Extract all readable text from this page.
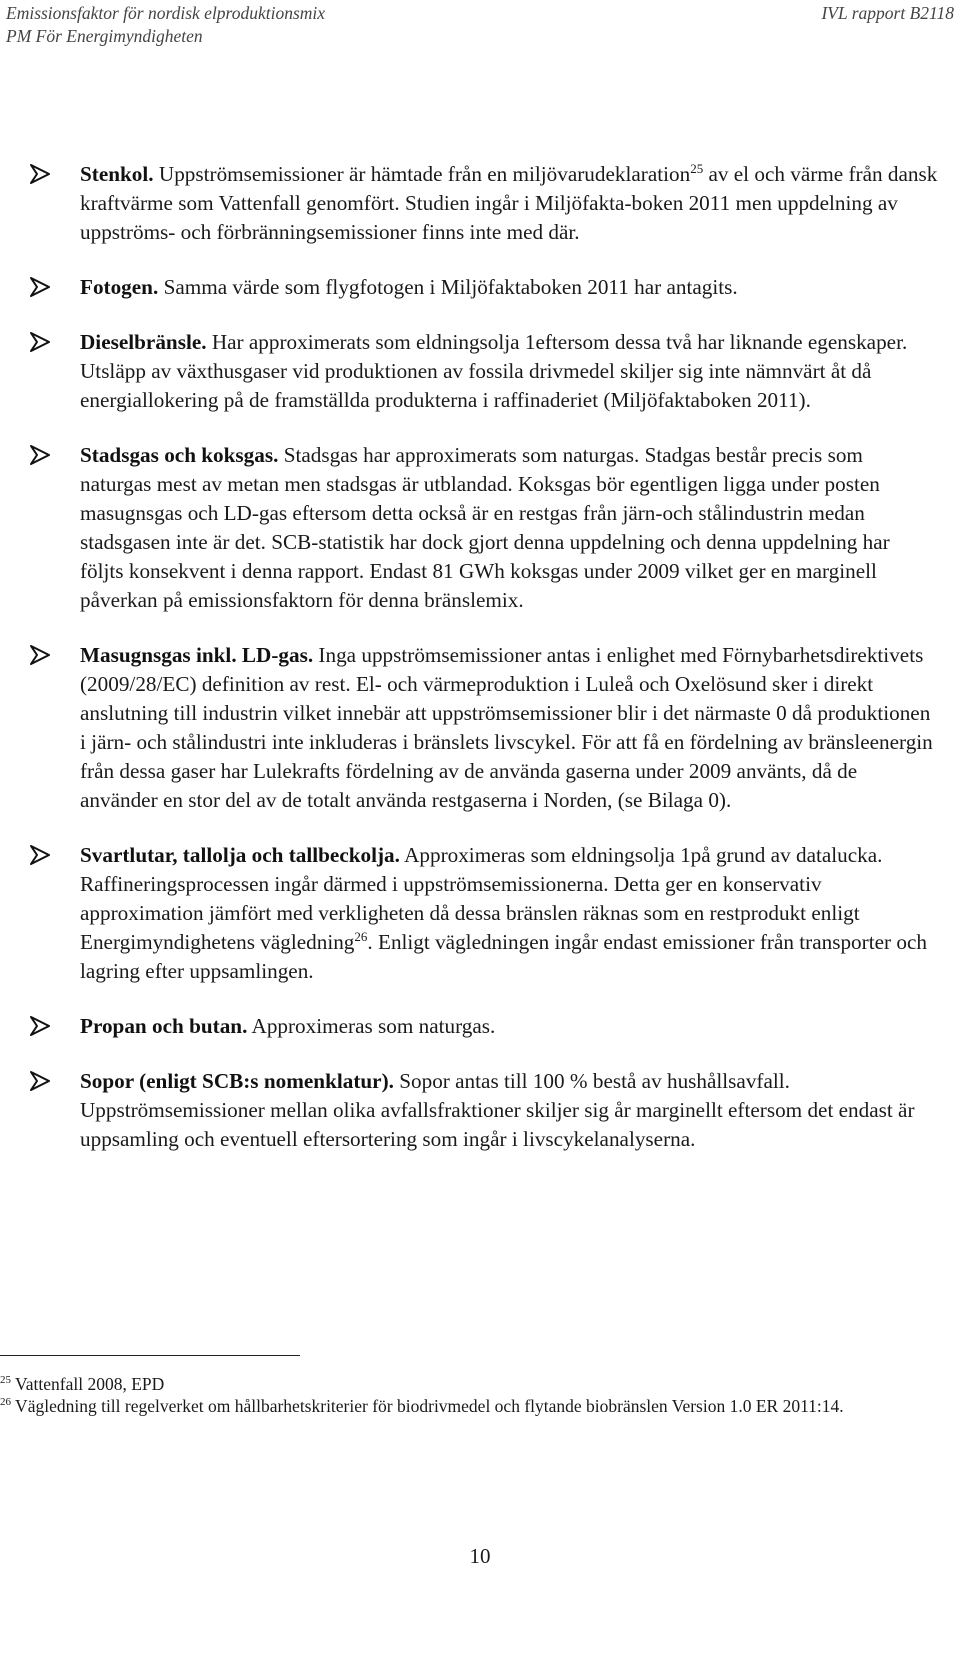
Emissionsfaktor för nordisk elproduktionsmix
PM För Energimyndigheten
IVL rapport B2118

Stenkol. Uppströmsemissioner är hämtade från en miljövarudeklaration$^{25}$ av el och värme från dansk kraftvärme som Vattenfall genomfört. Studien ingår i Miljöfakta-boken 2011 men uppdelning av uppströms- och förbränningsemissioner finns inte med där.

Fotogen. Samma värde som flygfotogen i Miljöfaktaboken 2011 har antagits.

Dieselbränsle. Har approximerats som eldningsolja 1eftersom dessa två har liknande egenskaper. Utsläpp av växthusgaser vid produktionen av fossila drivmedel skiljer sig inte nämnvärt åt då energiallokering på de framställda produkterna i raffinaderiet (Miljöfaktaboken 2011).

Stadsgas och koksgas. Stadsgas har approximerats som naturgas. Stadgas består precis som naturgas mest av metan men stadsgas är utblandad. Koksgas bör egentligen ligga under posten masugnsgas och LD-gas eftersom detta också är en restgas från järn-och stålindustrin medan stadsgasen inte är det. SCB-statistik har dock gjort denna uppdelning och denna uppdelning har följts konsekvent i denna rapport. Endast 81 GWh koksgas under 2009 vilket ger en marginell påverkan på emissionsfaktorn för denna bränslemix.

Masugnsgas inkl. LD-gas. Inga uppströmsemissioner antas i enlighet med Förnybarhetsdirektivets (2009/28/EC) definition av rest. El- och värmeproduktion i Luleå och Oxelösund sker i direkt anslutning till industrin vilket innebär att uppströmsemissioner blir i det närmaste 0 då produktionen i järn- och stålindustri inte inkluderas i bränslets livscykel. För att få en fördelning av bränsleenergin från dessa gaser har Lulekrafts fördelning av de använda gaserna under 2009 använts, då de använder en stor del av de totalt använda restgaserna i Norden, (se Bilaga 0).

Svartlutar, tallolja och tallbeckolja. Approximeras som eldningsolja 1på grund av datalucka. Raffineringsprocessen ingår därmed i uppströmsemissionerna. Detta ger en konservativ approximation jämfört med verkligheten då dessa bränslen räknas som en restprodukt enligt Energimyndighetens vägledning$^{26}$. Enligt vägledningen ingår endast emissioner från transporter och lagring efter uppsamlingen.

Propan och butan. Approximeras som naturgas.

Sopor (enligt SCB:s nomenklatur). Sopor antas till 100 % bestå av hushållsavfall. Uppströmsemissioner mellan olika avfallsfraktioner skiljer sig år marginellt eftersom det endast är uppsamling och eventuell eftersortering som ingår i livscykelanalyserna.

$^{25}$ Vattenfall 2008, EPD

$^{26}$ Vägledning till regelverket om hållbarhetskriterier för biodrivmedel och flytande biobränslen Version 1.0 ER 2011:14.

10
